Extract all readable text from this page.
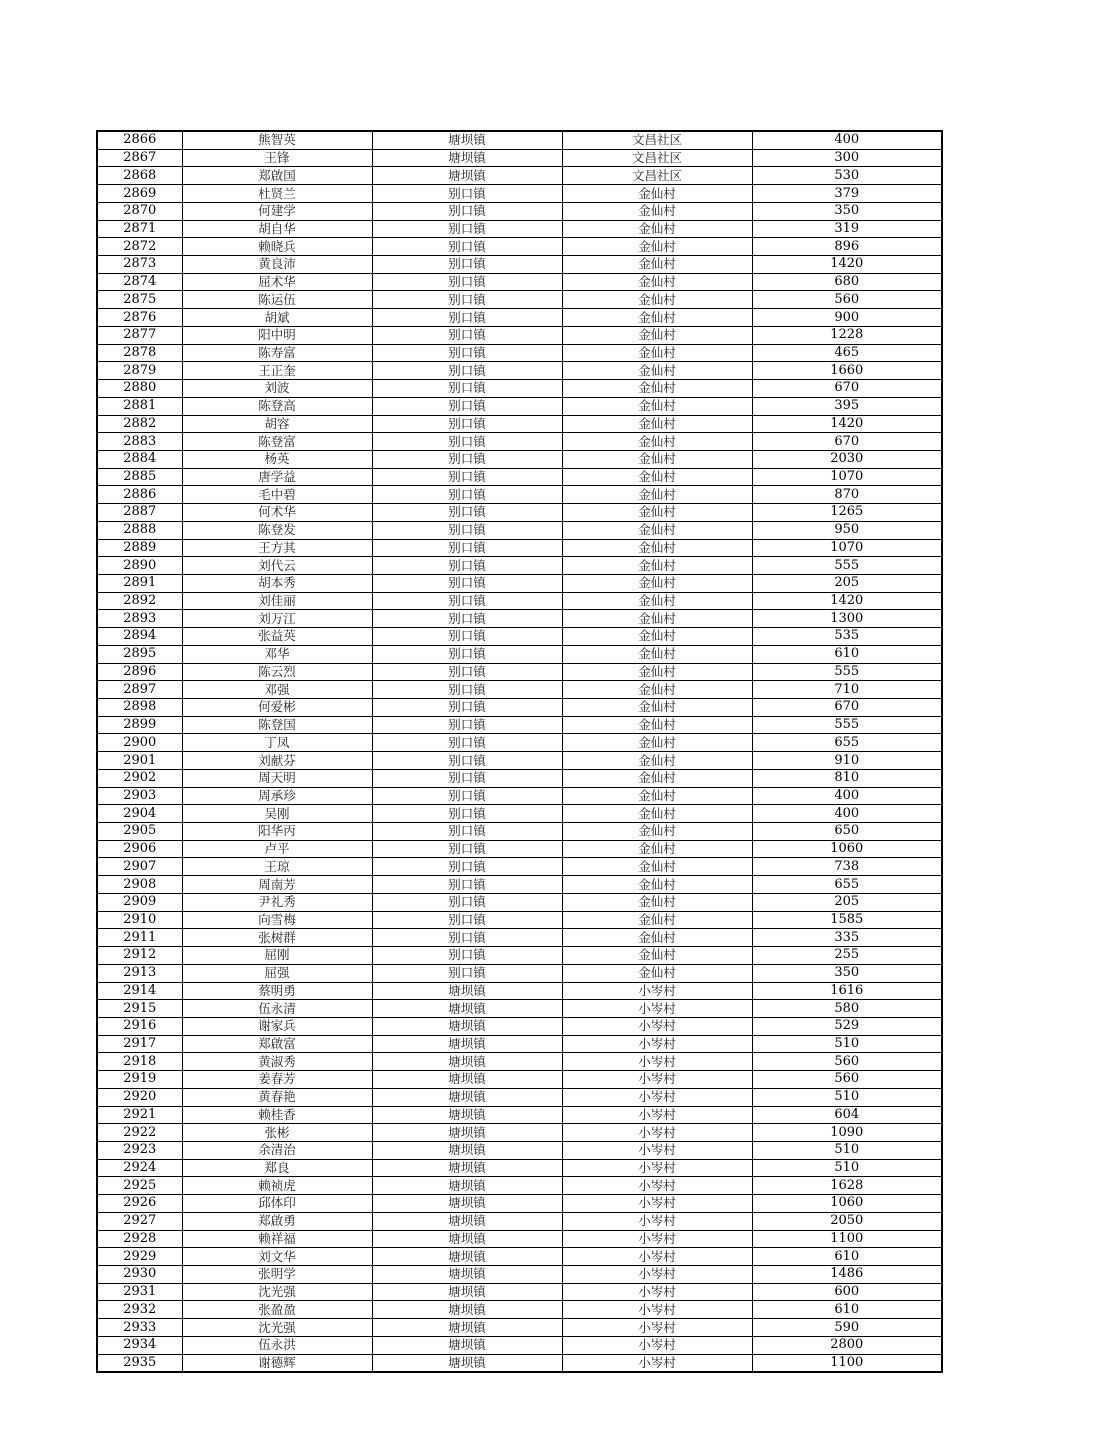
2866	熊智英	塘坝镇	文昌社区	400
2867	王锋	塘坝镇	文昌社区	300
2868	郑啟国	塘坝镇	文昌社区	530
2869	杜贤兰	别口镇	金仙村	379
2870	何建学	别口镇	金仙村	350
2871	胡自华	别口镇	金仙村	319
2872	赖晓兵	别口镇	金仙村	896
2873	黄良沛	别口镇	金仙村	1420
2874	屈术华	别口镇	金仙村	680
2875	陈运伍	别口镇	金仙村	560
2876	胡斌	别口镇	金仙村	900
2877	阳中明	别口镇	金仙村	1228
2878	陈寿富	别口镇	金仙村	465
2879	王正奎	别口镇	金仙村	1660
2880	刘波	别口镇	金仙村	670
2881	陈登高	别口镇	金仙村	395
2882	胡容	别口镇	金仙村	1420
2883	陈登富	别口镇	金仙村	670
2884	杨英	别口镇	金仙村	2030
2885	唐学益	别口镇	金仙村	1070
2886	毛中碧	别口镇	金仙村	870
2887	何术华	别口镇	金仙村	1265
2888	陈登发	别口镇	金仙村	950
2889	王方其	别口镇	金仙村	1070
2890	刘代云	别口镇	金仙村	555
2891	胡本秀	别口镇	金仙村	205
2892	刘佳丽	别口镇	金仙村	1420
2893	刘万江	别口镇	金仙村	1300
2894	张益英	别口镇	金仙村	535
2895	邓华	别口镇	金仙村	610
2896	陈云烈	别口镇	金仙村	555
2897	邓强	别口镇	金仙村	710
2898	何爱彬	别口镇	金仙村	670
2899	陈登国	别口镇	金仙村	555
2900	丁凤	别口镇	金仙村	655
2901	刘献芬	别口镇	金仙村	910
2902	周天明	别口镇	金仙村	810
2903	周承珍	别口镇	金仙村	400
2904	吴刚	别口镇	金仙村	400
2905	阳华丙	别口镇	金仙村	650
2906	卢平	别口镇	金仙村	1060
2907	王琼	别口镇	金仙村	738
2908	周南芳	别口镇	金仙村	655
2909	尹礼秀	别口镇	金仙村	205
2910	向雪梅	别口镇	金仙村	1585
2911	张树群	别口镇	金仙村	335
2912	屈刚	别口镇	金仙村	255
2913	屈强	别口镇	金仙村	350
2914	蔡明勇	塘坝镇	小岑村	1616
2915	伍永清	塘坝镇	小岑村	580
2916	谢家兵	塘坝镇	小岑村	529
2917	郑啟富	塘坝镇	小岑村	510
2918	黄淑秀	塘坝镇	小岑村	560
2919	姜春芳	塘坝镇	小岑村	560
2920	黄春艳	塘坝镇	小岑村	510
2921	赖桂香	塘坝镇	小岑村	604
2922	张彬	塘坝镇	小岑村	1090
2923	余清治	塘坝镇	小岑村	510
2924	郑良	塘坝镇	小岑村	510
2925	赖祯虎	塘坝镇	小岑村	1628
2926	邱体印	塘坝镇	小岑村	1060
2927	郑啟勇	塘坝镇	小岑村	2050
2928	赖祥福	塘坝镇	小岑村	1100
2929	刘文华	塘坝镇	小岑村	610
2930	张明学	塘坝镇	小岑村	1486
2931	沈光强	塘坝镇	小岑村	600
2932	张盈盈	塘坝镇	小岑村	610
2933	沈光强	塘坝镇	小岑村	590
2934	伍永洪	塘坝镇	小岑村	2800
2935	谢德辉	塘坝镇	小岑村	1100
